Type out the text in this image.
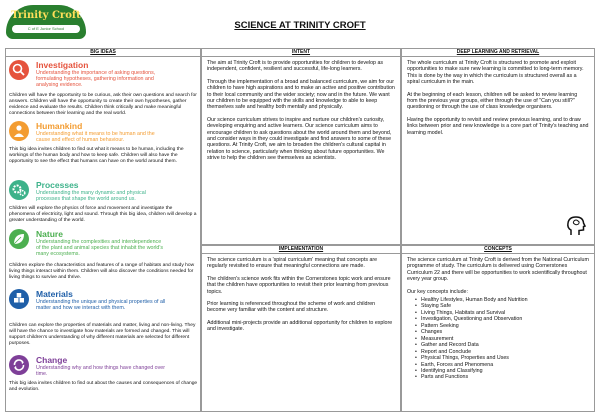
Trinity Croft
C of E Junior School	SCIENCE AT TRINITY CROFT
BIG IDEAS
Investigation
Understanding the importance of asking questions, formulating hypotheses, gathering information and analysing evidence.
Children will have the opportunity to be curious, ask their own questions and search for answers. Children will have the opportunity to create their own hypotheses, gather evidence and evaluate the results. Children think critically and make meaningful connections between their learning and the real world.
Humankind
Understanding what it means to be human and the cause and effect of human behaviour.
This big idea invites children to find out what it means to be human, including the workings of the human body and how to keep safe. Children will also have the opportunity to see the effect that humans can have on the world around them.
Processes
Understanding the many dynamic and physical processes that shape the world around us.
Children will explore the physics of force and movement and investigate the phenomena of electricity, light and sound. Through this big idea, children will develop a greater understanding of the world.
Nature
Understanding the complexities and interdependence of the plant and animal species that inhabit the world's many ecosystems.
Children explore the characteristics and features of a range of habitats and study how living things interact within them. Children will also discover the conditions needed for living things to survive and thrive.
Materials
Understanding the unique and physical properties of all matter and how we interact with them.
Children can explore the properties of materials and matter, living and non-living. They will have the chance to investigate how materials are formed and changed. This will support children's understanding of why different materials are selected for different purposes.
Change
Understanding why and how things have changed over time.
This big idea invites children to find out about the causes and consequences of change and evolution.
INTENT

The aim at Trinity Croft is to provide opportunities for children to develop as independent, confident, resilient and successful, life-long learners.

Through the implementation of a broad and balanced curriculum, we aim for our children to have high aspirations and to make an active and positive contribution to their local community and the wider society; now and in the future. We want our children to be equipped with the skills and knowledge to able to keep themselves safe and healthy both mentally and physically.

Our science curriculum strives to inspire and nurture our children's curiosity, developing enquiring and active learners. Our science curriculum aims to encourage children to ask questions about the world around them and beyond, and consider ways in they could investigate and find answers to some of these questions. At Trinity Croft, we aim to broaden the children's cultural capital in relation to science, particularly when thinking about future opportunities. We strive to help the children see themselves as scientists.

DEEP LEARNING AND RETRIEVAL

The whole curriculum at Trinity Croft is structured to promote and exploit opportunities to make sure new learning is committed to long-term memory. This is done by the way in which the curriculum is structured overall as a spiral curriculum in the main.

At the beginning of each lesson, children will be asked to review learning from the previous year groups, either through the use of "Can you still?" questioning or through the use of class knowledge organisers.

Having the opportunity to revisit and review previous learning, and to draw links between prior and new knowledge is a core part of Trinity's teaching and learning model.

IMPLEMENTATION

The science curriculum is a 'spiral curriculum' meaning that concepts are regularly revisited to ensure that meaningful connections are made.

The children's science work fits within the Cornerstones topic work and ensure that the children have opportunities to revisit their prior learning from previous topics.

Prior learning is referenced throughout the scheme of work and children become very familiar with the content and structure.

Additional mini-projects provide an additional opportunity for children to explore and investigate.

CONCEPTS

The science curriculum at Trinity Croft is derived from the National Curriculum programme of study. The curriculum is delivered using Cornerstones Curriculum 22 and there will be opportunities to work scientifically throughout every year group.

Our key concepts include:
• Healthy Lifestyles, Human Body and Nutrition
• Staying Safe
• Living Things, Habitats and Survival
• Investigation, Questioning and Observation
• Pattern Seeking
• Changes
• Measurement
• Gather and Record Data
• Report and Conclude
• Physical Things, Properties and Uses
• Earth, Forces and Phenomena
• Identifying and Classifying
• Parts and Functions
